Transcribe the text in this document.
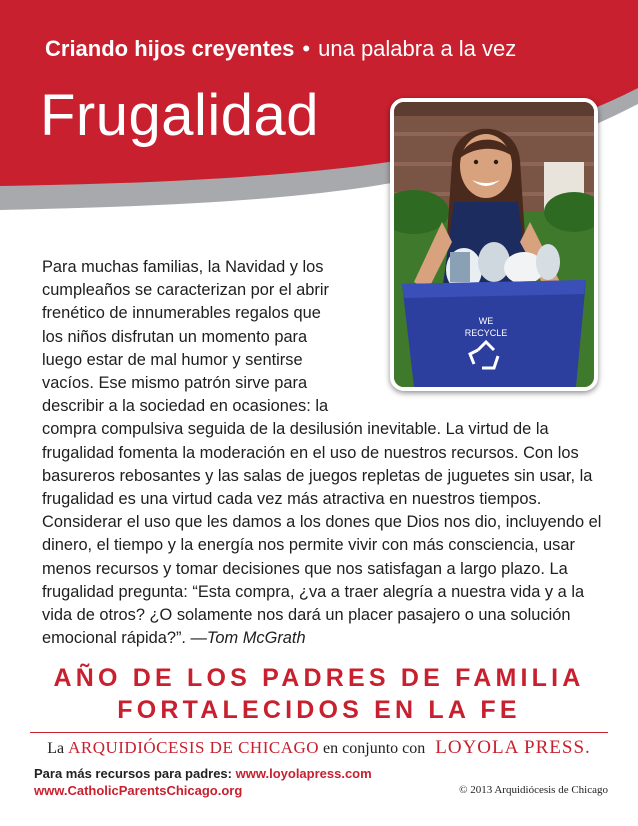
Criando hijos creyentes • una palabra a la vez
Frugalidad
WE
RECYCLE
Para muchas familias, la Navidad y los cumpleaños se caracterizan por el abrir frenético de innumerables regalos que los niños disfrutan un momento para luego estar de mal humor y sentirse vacíos. Ese mismo patrón sirve para describir a la sociedad en ocasiones: la compra compulsiva seguida de la desilusión inevitable. La virtud de la frugalidad fomenta la moderación en el uso de nuestros recursos. Con los basureros rebosantes y las salas de juegos repletas de juguetes sin usar, la frugalidad es una virtud cada vez más atractiva en nuestros tiempos. Considerar el uso que les damos a los dones que Dios nos dio, incluyendo el dinero, el tiempo y la energía nos permite vivir con más consciencia, usar menos recursos y tomar decisiones que nos satisfagan a largo plazo. La frugalidad pregunta: “Esta compra, ¿va a traer alegría a nuestra vida y a la vida de otros? ¿O solamente nos dará un placer pasajero o una solución emocional rápida?”. —Tom McGrath
AÑO DE LOS PADRES DE FAMILIA
FORTALECIDOS EN LA FE
La ARQUIDIÓCESIS DE CHICAGO en conjunto con LOYOLA PRESS.
Para más recursos para padres: www.loyolapress.com
www.CatholicParentsChicago.org	© 2013 Arquidiócesis de Chicago
